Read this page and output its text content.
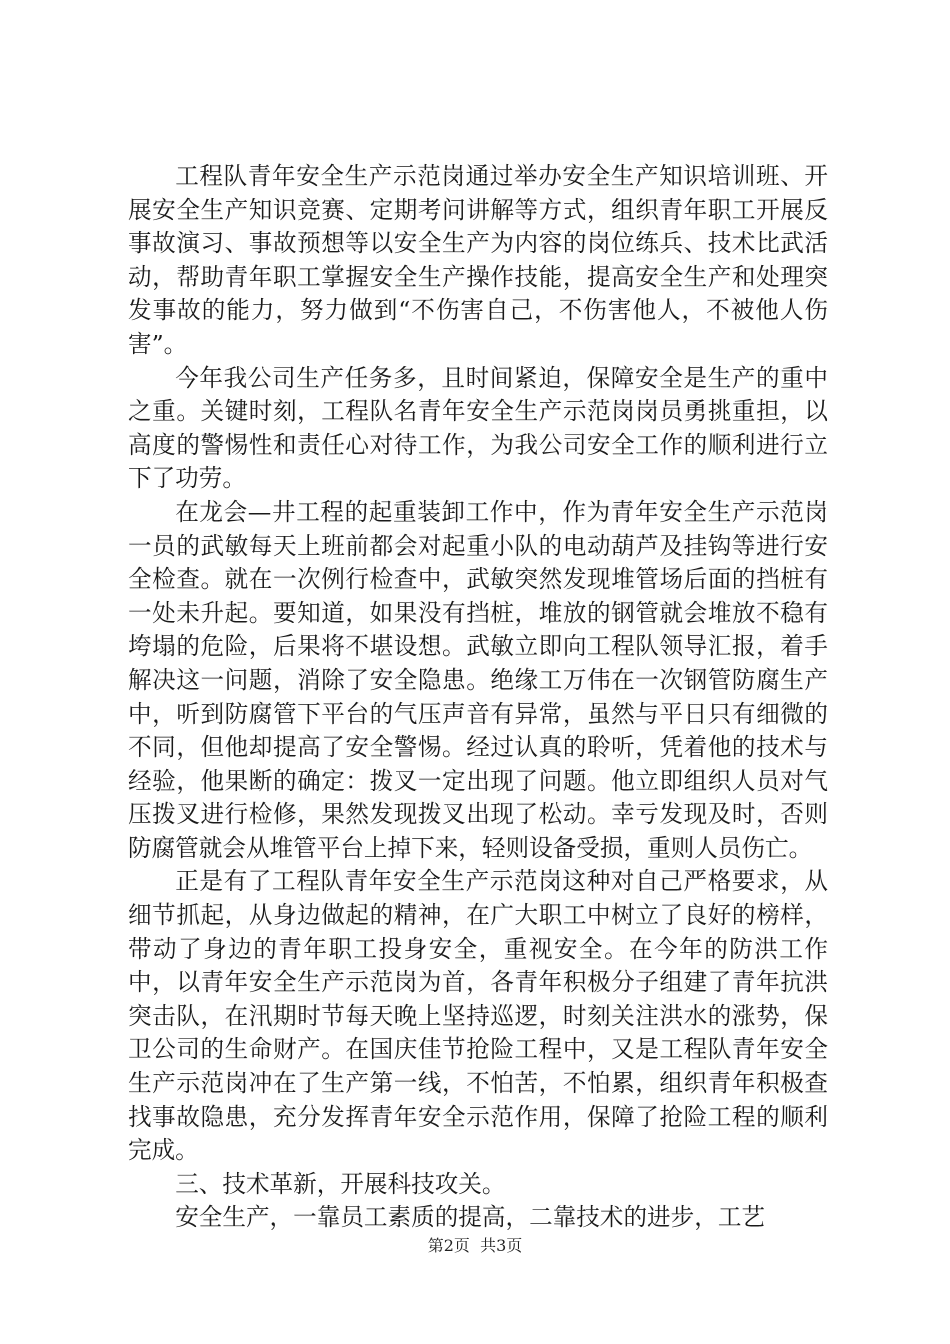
工程队青年安全生产示范岗通过举办安全生产知识培训班、开展安全生产知识竞赛、定期考问讲解等方式，组织青年职工开展反事故演习、事故预想等以安全生产为内容的岗位练兵、技术比武活动，帮助青年职工掌握安全生产操作技能，提高安全生产和处理突发事故的能力，努力做到“不伤害自己，不伤害他人，不被他人伤害”。

今年我公司生产任务多，且时间紧迫，保障安全是生产的重中之重。关键时刻，工程队名青年安全生产示范岗岗员勇挑重担，以高度的警惕性和责任心对待工作，为我公司安全工作的顺利进行立下了功劳。

在龙会—井工程的起重装卸工作中，作为青年安全生产示范岗一员的武敏每天上班前都会对起重小队的电动葫芦及挂钩等进行安全检查。就在一次例行检查中，武敏突然发现堆管场后面的挡桩有一处未升起。要知道，如果没有挡桩，堆放的钢管就会堆放不稳有垮塌的危险，后果将不堪设想。武敏立即向工程队领导汇报，着手解决这一问题，消除了安全隐患。绝缘工万伟在一次钢管防腐生产中，听到防腐管下平台的气压声音有异常，虽然与平日只有细微的不同，但他却提高了安全警惕。经过认真的聆听，凭着他的技术与经验，他果断的确定：拨叉一定出现了问题。他立即组织人员对气压拨叉进行检修，果然发现拨叉出现了松动。幸亏发现及时，否则防腐管就会从堆管平台上掉下来，轻则设备受损，重则人员伤亡。

正是有了工程队青年安全生产示范岗这种对自己严格要求，从细节抓起，从身边做起的精神，在广大职工中树立了良好的榜样，带动了身边的青年职工投身安全，重视安全。在今年的防洪工作中，以青年安全生产示范岗为首，各青年积极分子组建了青年抗洪突击队，在汛期时节每天晚上坚持巡逻，时刻关注洪水的涨势，保卫公司的生命财产。在国庆佳节抢险工程中，又是工程队青年安全生产示范岗冲在了生产第一线，不怕苦，不怕累，组织青年积极查找事故隐患，充分发挥青年安全示范作用，保障了抢险工程的顺利完成。

三、技术革新，开展科技攻关。

安全生产，一靠员工素质的提高，二靠技术的进步，工艺

第2页  共3页
